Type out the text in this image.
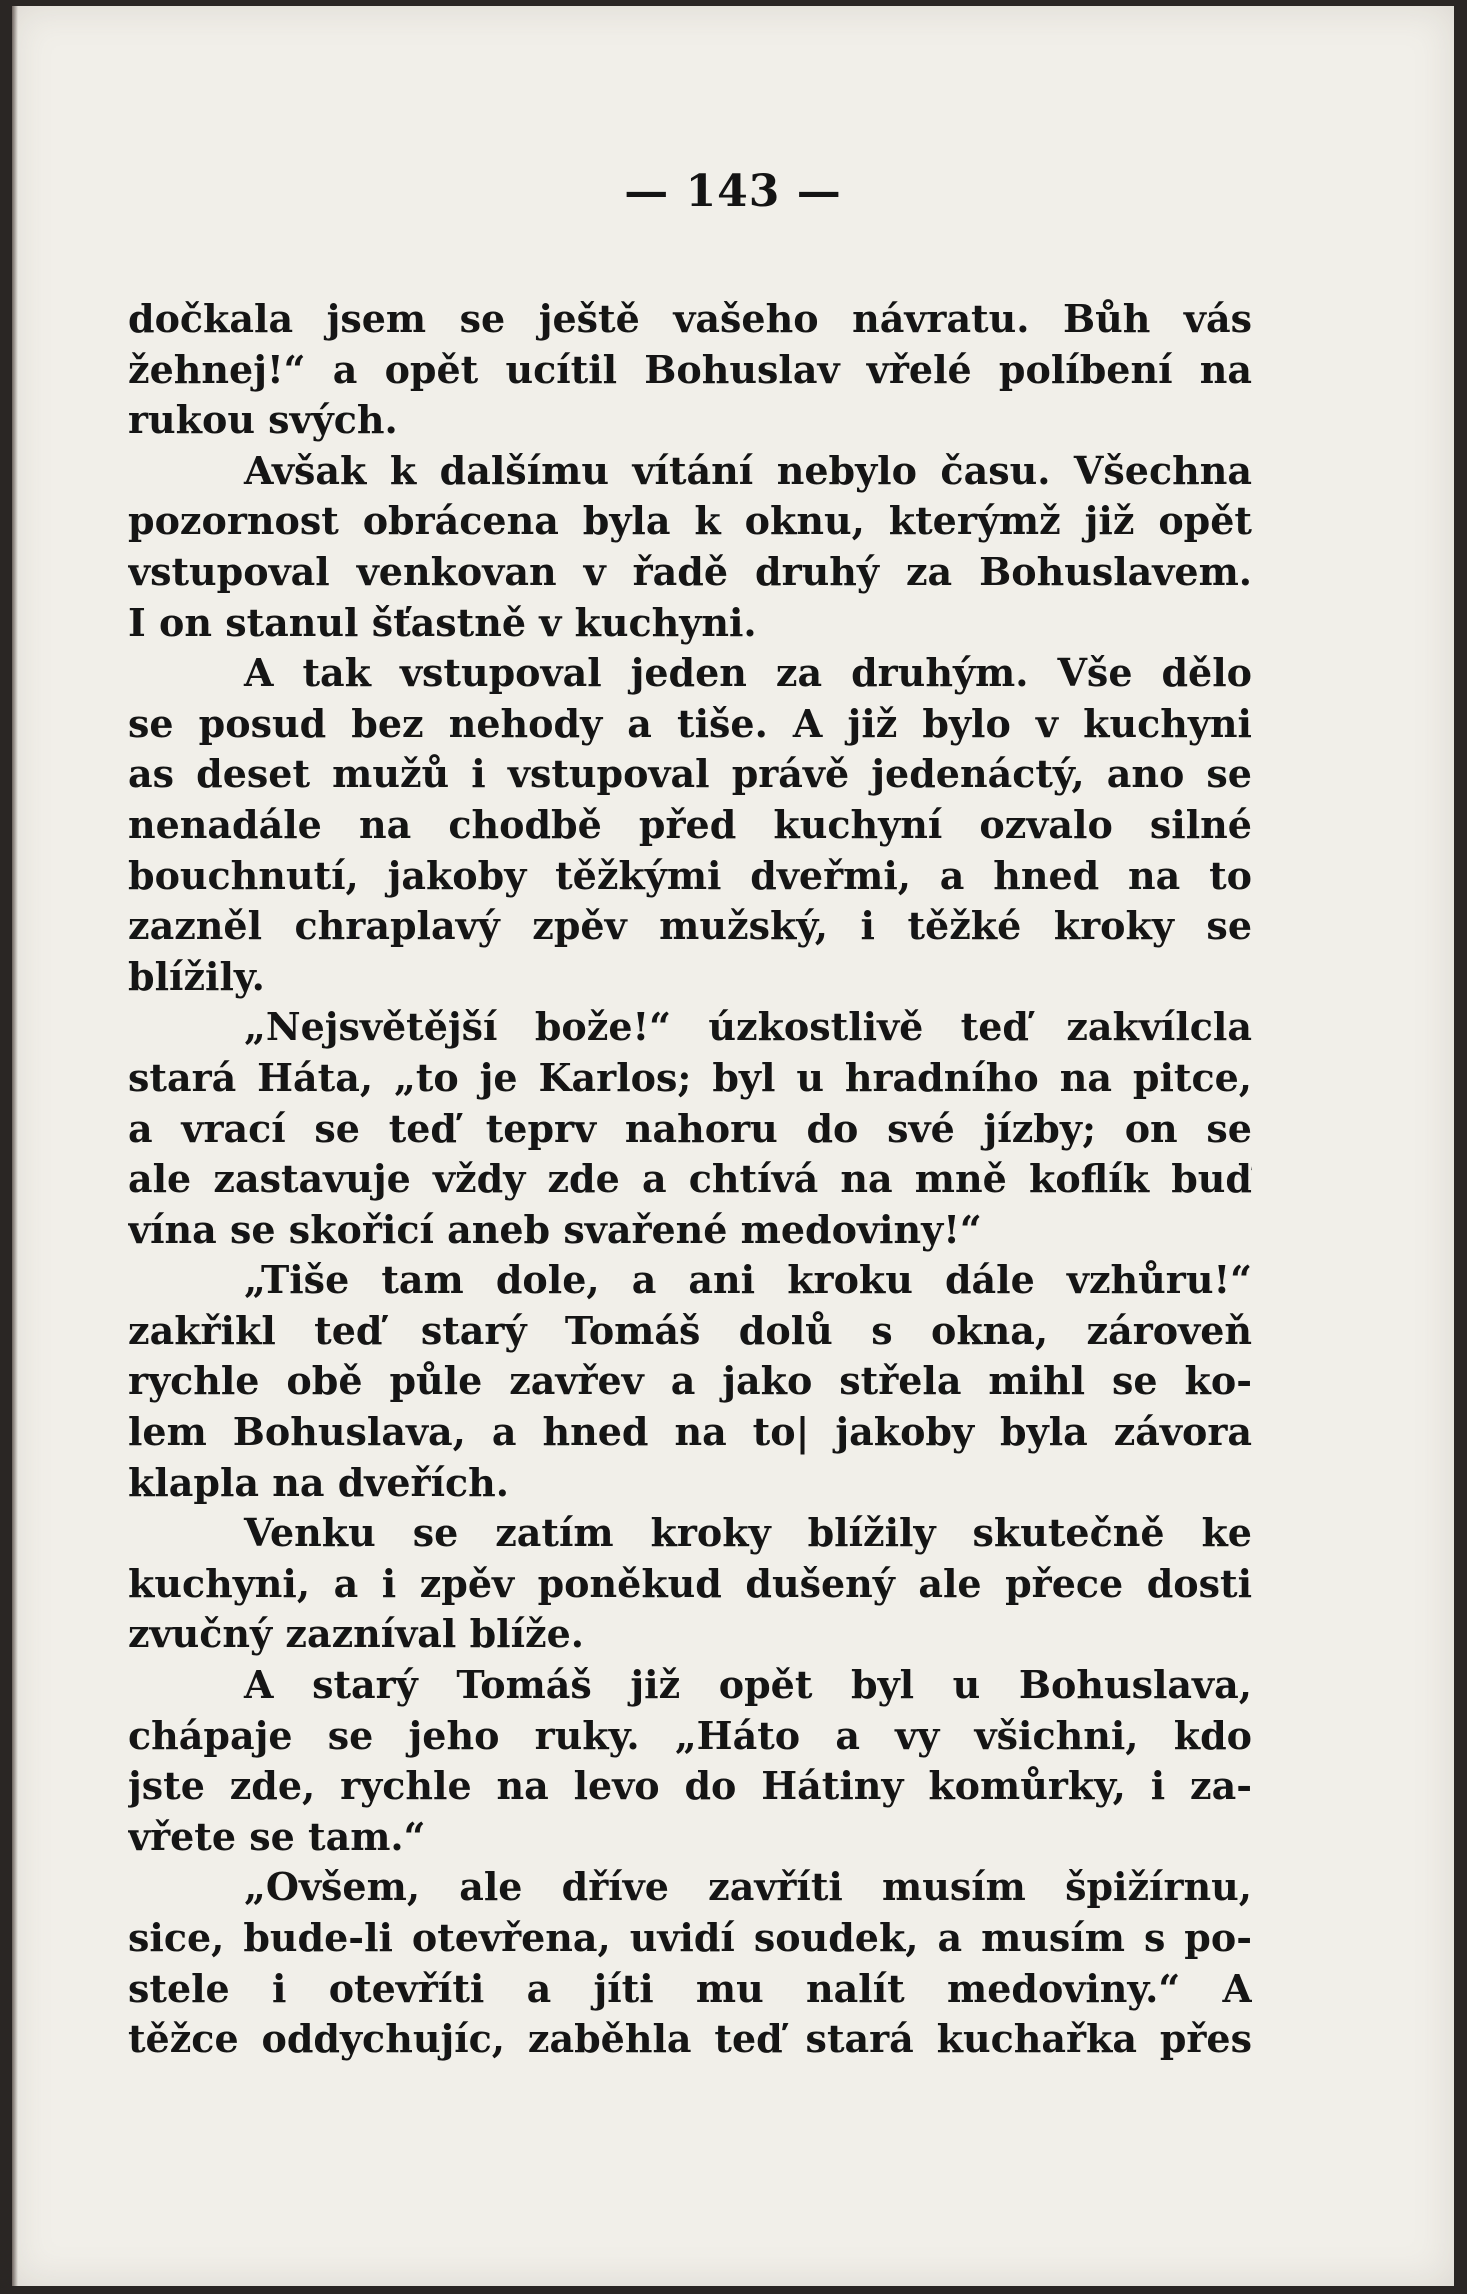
— 143 —
dočkala jsem se ještě vašeho návratu. Bůh vás
žehnej!“ a opět ucítil Bohuslav vřelé políbení na
rukou svých.
Avšak k dalšímu vítání nebylo času. Všechna
pozornost obrácena byla k oknu, kterýmž již opět
vstupoval venkovan v řadě druhý za Bohuslavem.
I on stanul šťastně v kuchyni.
A tak vstupoval jeden za druhým. Vše dělo
se posud bez nehody a tiše. A již bylo v kuchyni
as deset mužů i vstupoval právě jedenáctý, ano se
nenadále na chodbě před kuchyní ozvalo silné
bouchnutí, jakoby těžkými dveřmi, a hned na to
zazněl chraplavý zpěv mužský, i těžké kroky se
blížily.
„Nejsvětější bože!“ úzkostlivě teď zakvílcla
stará Háta, „to je Karlos; byl u hradního na pitce,
a vrací se teď teprv nahoru do své jízby; on se
ale zastavuje vždy zde a chtívá na mně koflík buď
vína se skořicí aneb svařené medoviny!“
„Tiše tam dole, a ani kroku dále vzhůru!“
zakřikl teď starý Tomáš dolů s okna, zároveň
rychle obě půle zavřev a jako střela mihl se ko-
lem Bohuslava, a hned na to| jakoby byla závora
klapla na dveřích.
Venku se zatím kroky blížily skutečně ke
kuchyni, a i zpěv poněkud dušený ale přece dosti
zvučný zazníval blíže.
A starý Tomáš již opět byl u Bohuslava,
chápaje se jeho ruky. „Háto a vy všichni, kdo
jste zde, rychle na levo do Hátiny komůrky, i za-
vřete se tam.“
„Ovšem, ale dříve zavříti musím špižírnu,
sice, bude-li otevřena, uvidí soudek, a musím s po-
stele i otevříti a jíti mu nalít medoviny.“ A
těžce oddychujíc, zaběhla teď stará kuchařka přes
